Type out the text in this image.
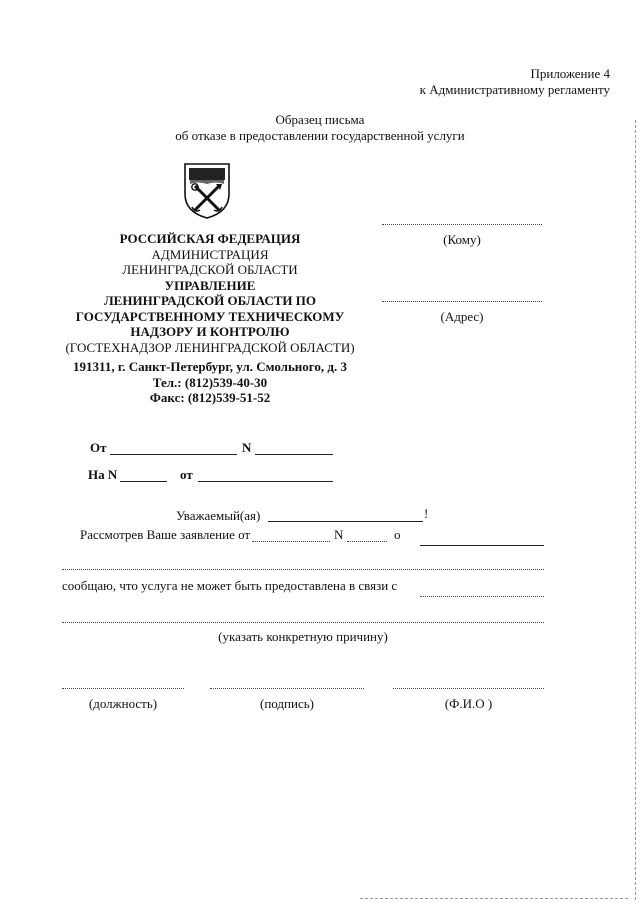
Приложение 4
к Административному регламенту
Образец письма
об отказе в предоставлении государственной услуги
РОССИЙСКАЯ ФЕДЕРАЦИЯ
АДМИНИСТРАЦИЯ
ЛЕНИНГРАДСКОЙ ОБЛАСТИ
УПРАВЛЕНИЕ
ЛЕНИНГРАДСКОЙ ОБЛАСТИ ПО
ГОСУДАРСТВЕННОМУ ТЕХНИЧЕСКОМУ
НАДЗОРУ И КОНТРОЛЮ
(ГОСТЕХНАДЗОР ЛЕНИНГРАДСКОЙ ОБЛАСТИ)
191311, г. Санкт-Петербург, ул. Смольного, д. 3
Тел.: (812)539-40-30
Факс: (812)539-51-52
(Кому)
(Адрес)
От	N
На N	от
Уважаемый(ая)	!
Рассмотрев Ваше заявление от	N	о
сообщаю, что услуга не может быть предоставлена в связи с
(указать конкретную причину)
(должность)	(подпись)	(Ф.И.О )
